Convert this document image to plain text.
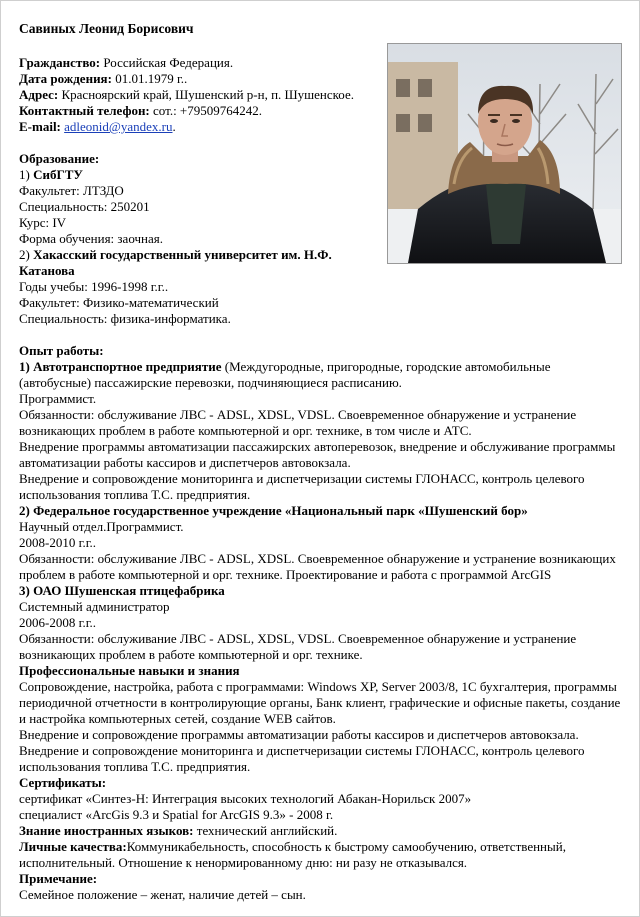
Савиных Леонид Борисович
Гражданство: Российская Федерация.
Дата рождения: 01.01.1979 г..
Адрес: Красноярский край, Шушенский р-н, п. Шушенское.
Контактный телефон: сот.: +79509764242.
E-mail: adleonid@yandex.ru.
Образование:
1) СибГТУ
Факультет: ЛТЗДО
Специальность: 250201
Курс: IV
Форма обучения: заочная.
2) Хакасский государственный университет им. Н.Ф.
Катанова
Годы учебы: 1996-1998 г.г..
Факультет: Физико-математический
Специальность: физика-информатика.
Опыт работы:
1) Автотранспортное предприятие (Междугородные, пригородные, городские автомобильные (автобусные) пассажирские перевозки, подчиняющиеся расписанию.
Программист.
Обязанности: обслуживание ЛВС - ADSL, XDSL, VDSL. Своевременное обнаружение и устранение возникающих проблем в работе компьютерной и орг. технике, в том числе и АТС.
Внедрение программы автоматизации пассажирских автоперевозок, внедрение и обслуживание программы автоматизации работы кассиров и диспетчеров автовокзала.
Внедрение и сопровождение мониторинга и диспетчеризации системы ГЛОНАСС, контроль целевого использования топлива Т.С. предприятия.
2) Федеральное государственное учреждение «Национальный парк «Шушенский бор»
Научный отдел.Программист.
2008-2010 г.г..
Обязанности: обслуживание ЛВС - ADSL, XDSL. Своевременное обнаружение и устранение возникающих проблем в работе компьютерной и орг. технике. Проектирование и работа с программой ArcGIS
3) ОАО Шушенская птицефабрика
Системный администратор
2006-2008 г.г..
Обязанности: обслуживание ЛВС - ADSL, XDSL, VDSL. Своевременное обнаружение и устранение возникающих проблем в работе компьютерной и орг. технике.
Профессиональные навыки и знания
Сопровождение, настройка, работа с программами: Windows XP, Server 2003/8, 1С бухгалтерия, программы периодичной отчетности в контролирующие органы, Банк клиент, графические и офисные пакеты, создание и настройка компьютерных сетей, создание WEB сайтов.
Внедрение и сопровождение программы автоматизации работы кассиров и диспетчеров автовокзала.
Внедрение и сопровождение мониторинга и диспетчеризации системы ГЛОНАСС, контроль целевого использования топлива Т.С. предприятия.
Сертификаты:
сертификат «Синтез-Н: Интеграция высоких технологий Абакан-Норильск 2007»
специалист «ArcGis 9.3 и Spatial for ArcGIS 9.3» - 2008 г.
Знание иностранных языков: технический английский.
Личные качества:Коммуникабельность, способность к быстрому самообучению, ответственный, исполнительный. Отношение к ненормированному дню: ни разу не отказывался.
Примечание:
Семейное положение – женат, наличие детей – сын.
